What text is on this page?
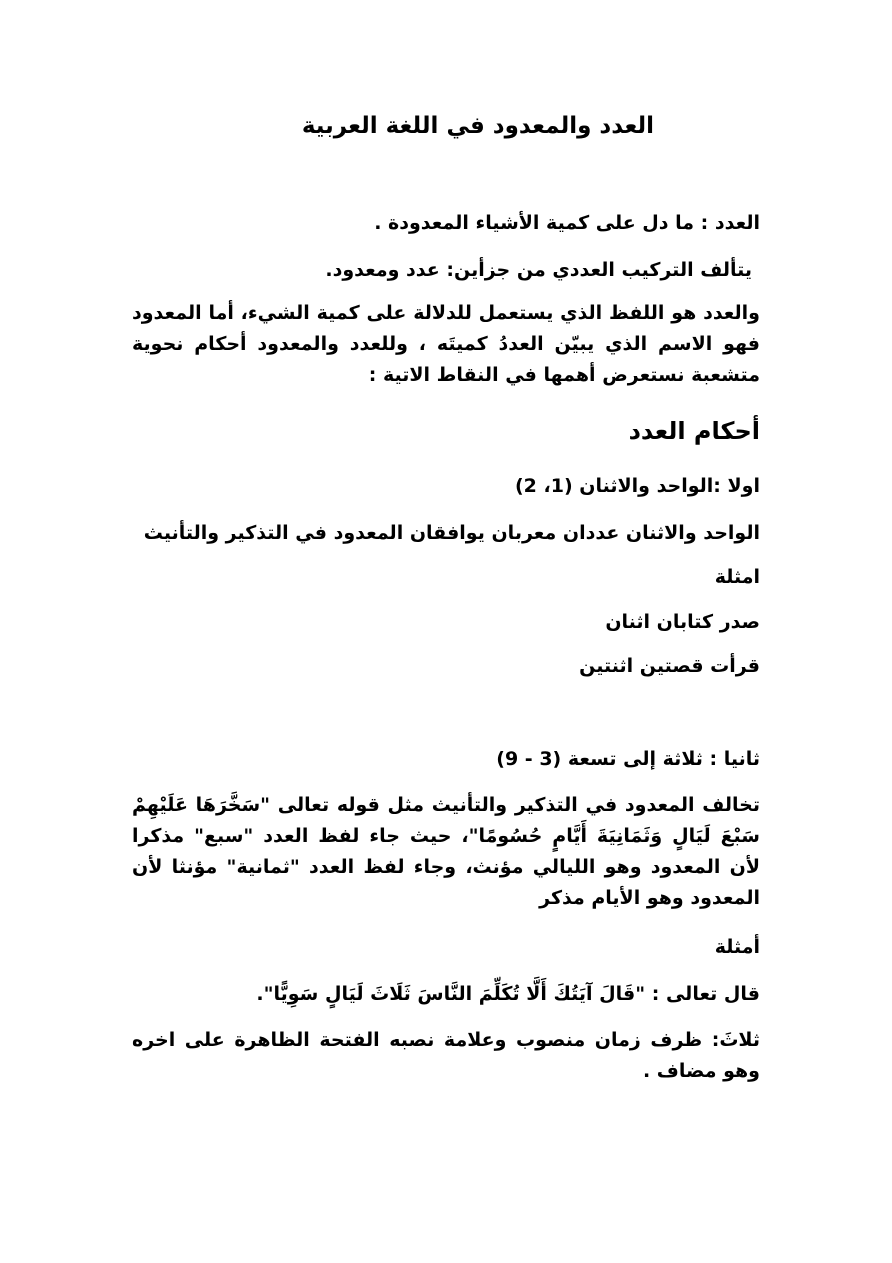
العدد والمعدود في اللغة العربية
العدد : ما دل على كمية الأشياء المعدودة .
يتألف التركيب العددي من جزأين: عدد ومعدود.
والعدد هو اللفظ الذي يستعمل للدلالة على كمية الشيء، أما المعدود فهو الاسم الذي يبيّن العددُ كميتَه ، وللعدد والمعدود أحكام نحوية متشعبة نستعرض أهمها في النقاط الاتية :
أحكام العدد
اولا :الواحد والاثنان (1، 2)
الواحد والاثنان عددان معربان يوافقان المعدود في التذكير والتأنيث
امثلة
صدر كتابان اثنان
قرأت قصتين اثنتين
ثانيا : ثلاثة إلى تسعة (3 - 9)
تخالف المعدود في التذكير والتأنيث مثل قوله تعالى "سَخَّرَهَا عَلَيْهِمْ سَبْعَ لَيَالٍ وَثَمَانِيَةَ أَيَّامٍ حُسُومًا"، حيث جاء لفظ العدد "سبع" مذكرا لأن المعدود وهو الليالي مؤنث، وجاء لفظ العدد "ثمانية" مؤنثا لأن المعدود وهو الأيام مذكر
أمثلة
قال تعالى : "قَالَ آيَتُكَ أَلَّا تُكَلِّمَ النَّاسَ ثَلَاثَ لَيَالٍ سَوِيًّا".
ثلاثَ: ظرف زمان منصوب وعلامة نصبه الفتحة الظاهرة على اخره وهو مضاف .
